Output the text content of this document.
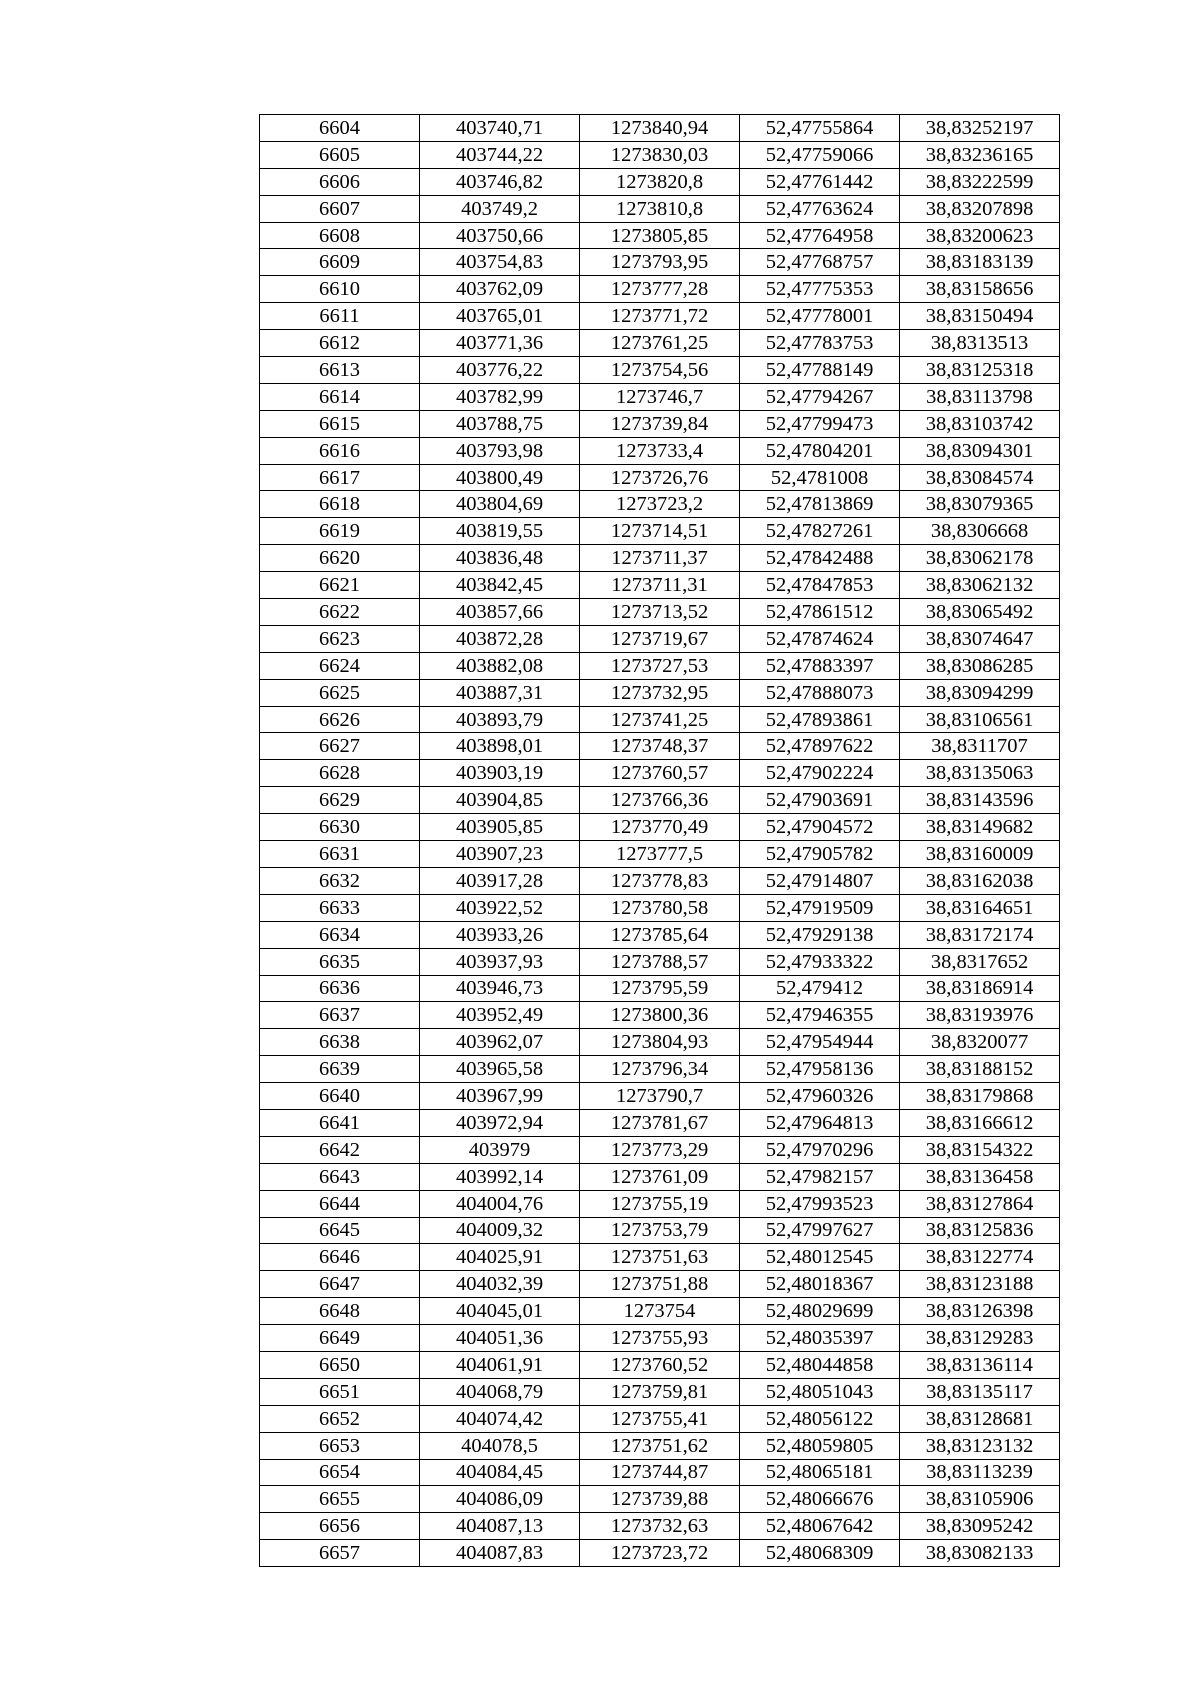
6604	403740,71	1273840,94	52,47755864	38,83252197
6605	403744,22	1273830,03	52,47759066	38,83236165
6606	403746,82	1273820,8	52,47761442	38,83222599
6607	403749,2	1273810,8	52,47763624	38,83207898
6608	403750,66	1273805,85	52,47764958	38,83200623
6609	403754,83	1273793,95	52,47768757	38,83183139
6610	403762,09	1273777,28	52,47775353	38,83158656
6611	403765,01	1273771,72	52,47778001	38,83150494
6612	403771,36	1273761,25	52,47783753	38,8313513
6613	403776,22	1273754,56	52,47788149	38,83125318
6614	403782,99	1273746,7	52,47794267	38,83113798
6615	403788,75	1273739,84	52,47799473	38,83103742
6616	403793,98	1273733,4	52,47804201	38,83094301
6617	403800,49	1273726,76	52,4781008	38,83084574
6618	403804,69	1273723,2	52,47813869	38,83079365
6619	403819,55	1273714,51	52,47827261	38,8306668
6620	403836,48	1273711,37	52,47842488	38,83062178
6621	403842,45	1273711,31	52,47847853	38,83062132
6622	403857,66	1273713,52	52,47861512	38,83065492
6623	403872,28	1273719,67	52,47874624	38,83074647
6624	403882,08	1273727,53	52,47883397	38,83086285
6625	403887,31	1273732,95	52,47888073	38,83094299
6626	403893,79	1273741,25	52,47893861	38,83106561
6627	403898,01	1273748,37	52,47897622	38,8311707
6628	403903,19	1273760,57	52,47902224	38,83135063
6629	403904,85	1273766,36	52,47903691	38,83143596
6630	403905,85	1273770,49	52,47904572	38,83149682
6631	403907,23	1273777,5	52,47905782	38,83160009
6632	403917,28	1273778,83	52,47914807	38,83162038
6633	403922,52	1273780,58	52,47919509	38,83164651
6634	403933,26	1273785,64	52,47929138	38,83172174
6635	403937,93	1273788,57	52,47933322	38,8317652
6636	403946,73	1273795,59	52,479412	38,83186914
6637	403952,49	1273800,36	52,47946355	38,83193976
6638	403962,07	1273804,93	52,47954944	38,8320077
6639	403965,58	1273796,34	52,47958136	38,83188152
6640	403967,99	1273790,7	52,47960326	38,83179868
6641	403972,94	1273781,67	52,47964813	38,83166612
6642	403979	1273773,29	52,47970296	38,83154322
6643	403992,14	1273761,09	52,47982157	38,83136458
6644	404004,76	1273755,19	52,47993523	38,83127864
6645	404009,32	1273753,79	52,47997627	38,83125836
6646	404025,91	1273751,63	52,48012545	38,83122774
6647	404032,39	1273751,88	52,48018367	38,83123188
6648	404045,01	1273754	52,48029699	38,83126398
6649	404051,36	1273755,93	52,48035397	38,83129283
6650	404061,91	1273760,52	52,48044858	38,83136114
6651	404068,79	1273759,81	52,48051043	38,83135117
6652	404074,42	1273755,41	52,48056122	38,83128681
6653	404078,5	1273751,62	52,48059805	38,83123132
6654	404084,45	1273744,87	52,48065181	38,83113239
6655	404086,09	1273739,88	52,48066676	38,83105906
6656	404087,13	1273732,63	52,48067642	38,83095242
6657	404087,83	1273723,72	52,48068309	38,83082133
